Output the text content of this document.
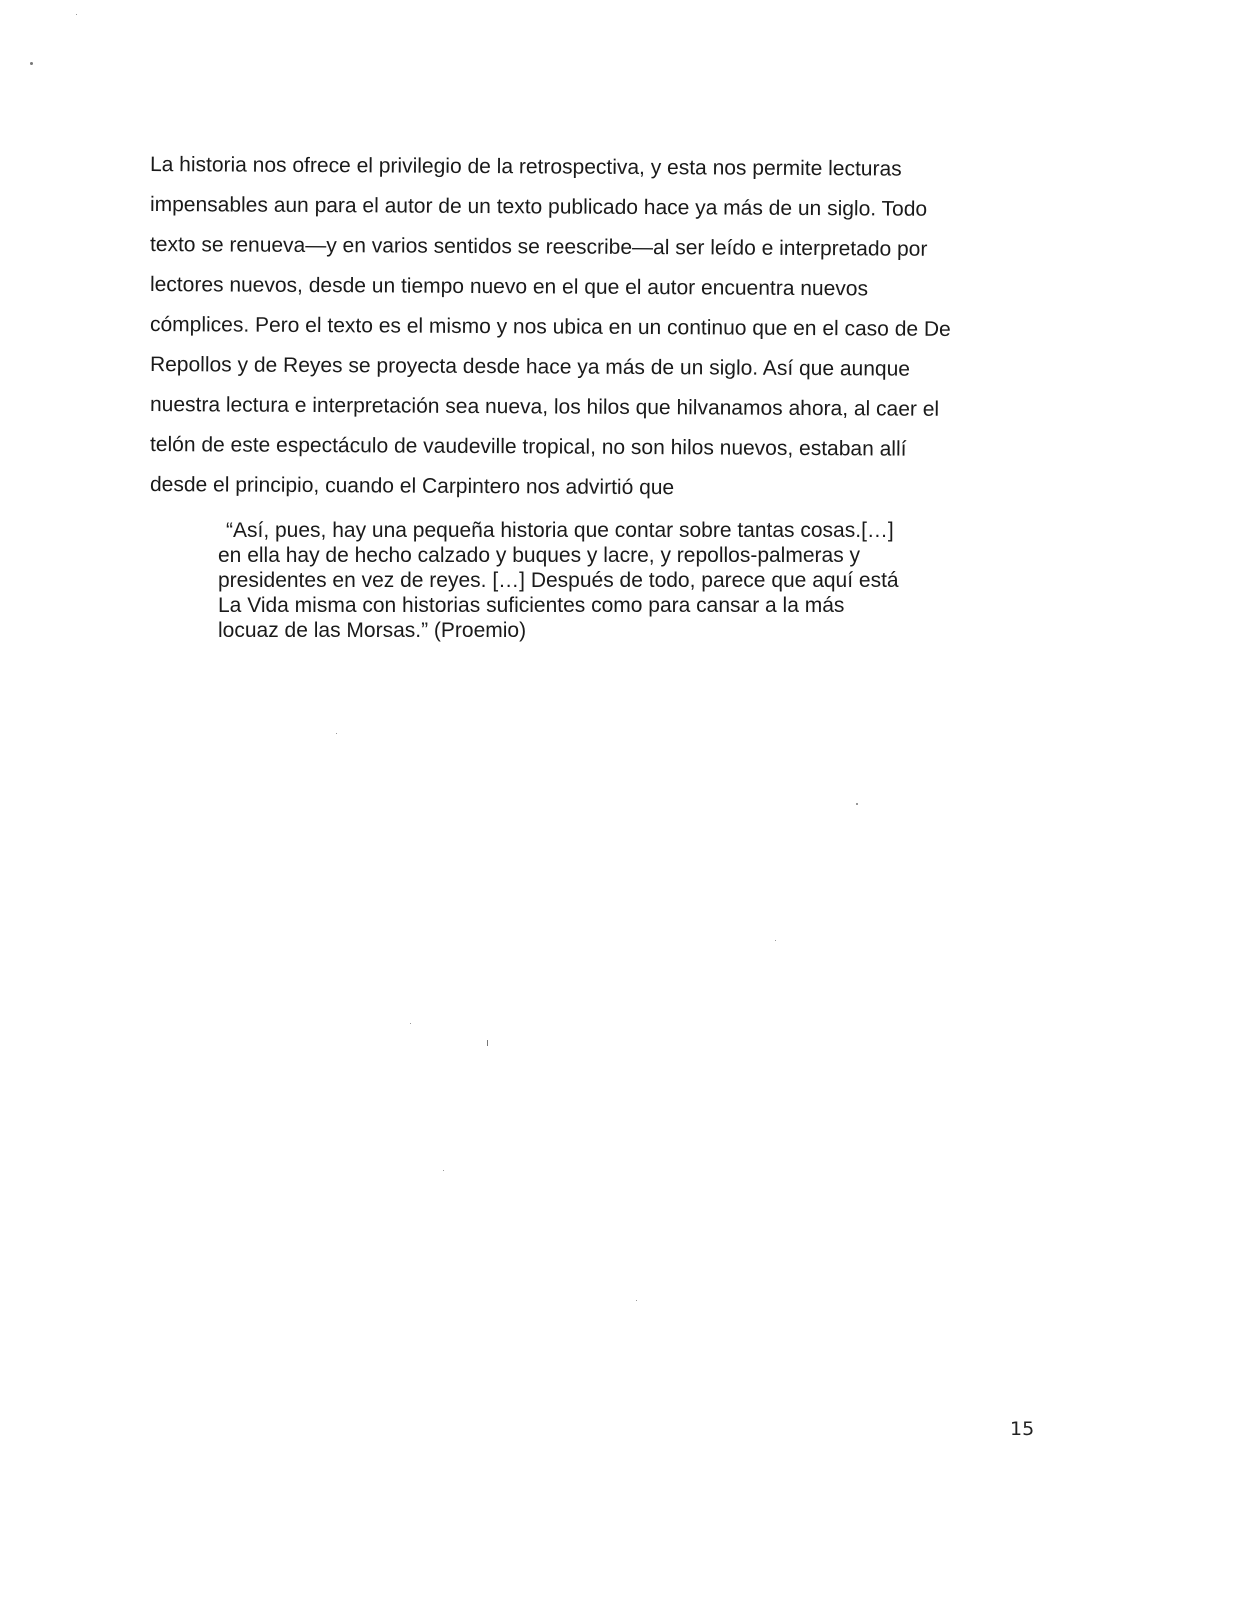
La historia nos ofrece el privilegio de la retrospectiva, y esta nos permite lecturas
impensables aun para el autor de un texto publicado hace ya más de un siglo. Todo
texto se renueva—y en varios sentidos se reescribe—al ser leído e interpretado por
lectores nuevos, desde un tiempo nuevo en el que el autor encuentra nuevos
cómplices. Pero el texto es el mismo y nos ubica en un continuo que en el caso de De
Repollos y de Reyes se proyecta desde hace ya más de un siglo. Así que aunque
nuestra lectura e interpretación sea nueva, los hilos que hilvanamos ahora, al caer el
telón de este espectáculo de vaudeville tropical, no son hilos nuevos, estaban allí
desde el principio, cuando el Carpintero nos advirtió que
“Así, pues, hay una pequeña historia que contar sobre tantas cosas.[…]
en ella hay de hecho calzado y buques y lacre, y repollos-palmeras y
presidentes en vez de reyes. […] Después de todo, parece que aquí está
La Vida misma con historias suficientes como para cansar a la más
locuaz de las Morsas.” (Proemio)
15
